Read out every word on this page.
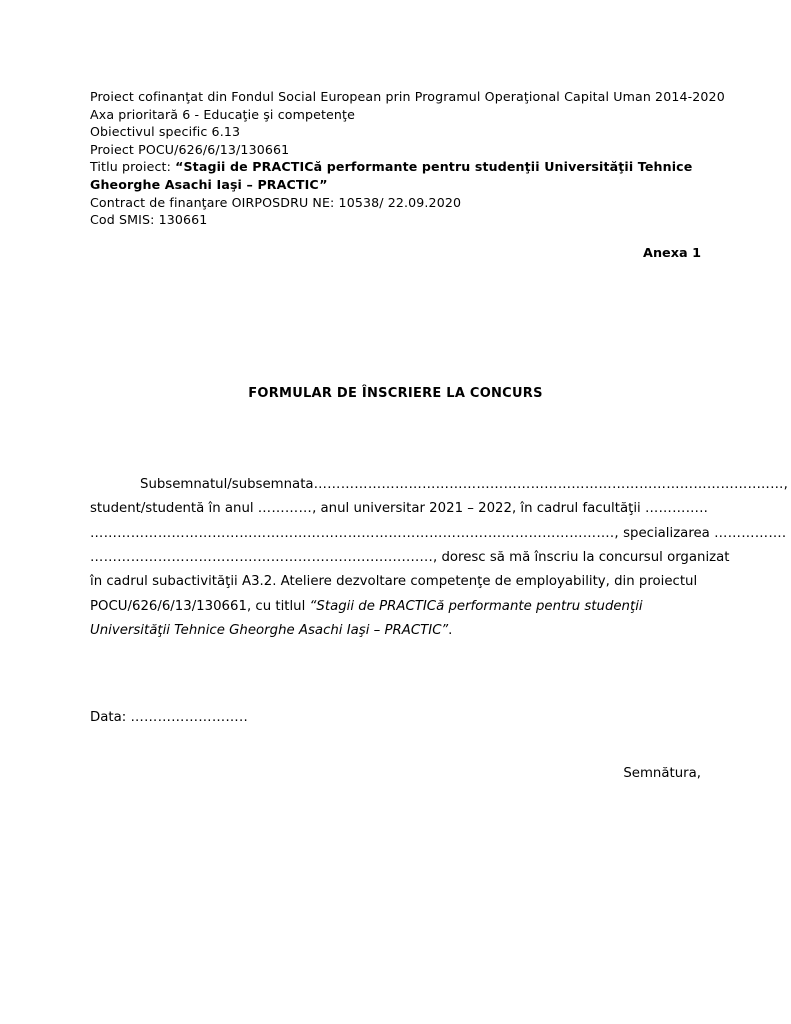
Proiect cofinanţat din Fondul Social European prin Programul Operaţional Capital Uman 2014-2020
Axa prioritară 6 - Educaţie şi competenţe
Obiectivul specific 6.13
Proiect POCU/626/6/13/130661
Titlu proiect: “Stagii de PRACTICă performante pentru studenţii Universităţii Tehnice Gheorghe Asachi Iaşi – PRACTIC”
Contract de finanţare OIRPOSDRU NE: 10538/ 22.09.2020
Cod SMIS: 130661
Anexa 1
FORMULAR DE ÎNSCRIERE LA CONCURS
Subsemnatul/subsemnata……………………………………………………………………………………..……,
student/studentă în anul …………, anul universitar 2021 – 2022, în cadrul facultăţii …………..
…………………………………………………………………………….………………………., specializarea …………….
……………………………….…………….…...................., doresc să mă înscriu la concursul organizat
în cadrul subactivităţii A3.2. Ateliere dezvoltare competenţe de employability, din proiectul
POCU/626/6/13/130661, cu titlul “Stagii de PRACTICă performante pentru studenţii
Universităţii Tehnice Gheorghe Asachi Iaşi – PRACTIC”.
Data: ……………………..
Semnătura,
